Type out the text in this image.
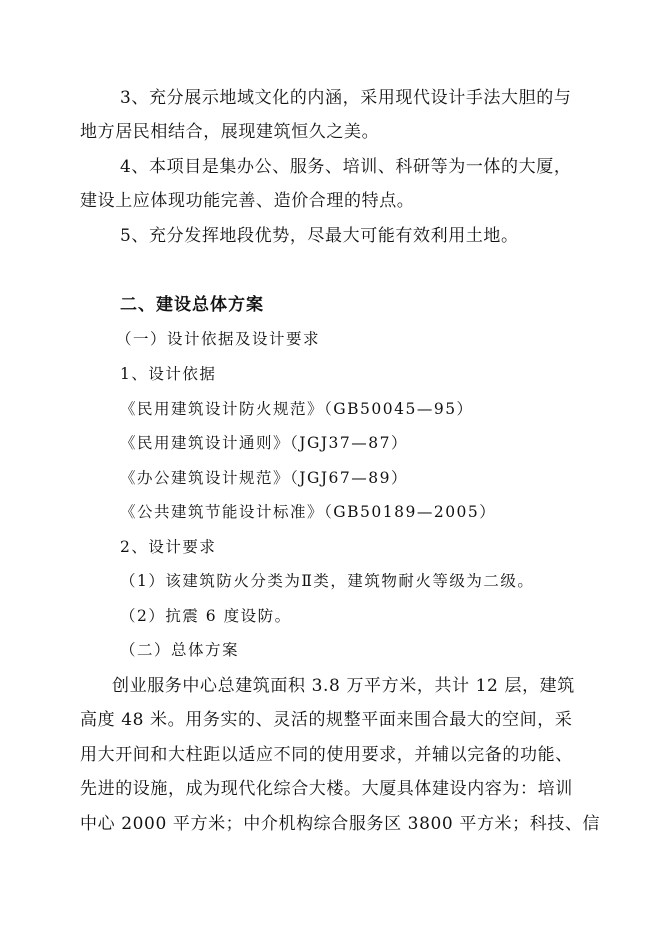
3、充分展示地域文化的内涵，采用现代设计手法大胆的与
地方居民相结合，展现建筑恒久之美。
4、本项目是集办公、服务、培训、科研等为一体的大厦，
建设上应体现功能完善、造价合理的特点。
5、充分发挥地段优势，尽最大可能有效利用土地。
二、建设总体方案
（一）设计依据及设计要求
1、设计依据
《民用建筑设计防火规范》（GB50045—95）
《民用建筑设计通则》（JGJ37—87）
《办公建筑设计规范》（JGJ67—89）
《公共建筑节能设计标准》（GB50189—2005）
2、设计要求
（1）该建筑防火分类为Ⅱ类，建筑物耐火等级为二级。
（2）抗震 6 度设防。
（二）总体方案
创业服务中心总建筑面积 3.8 万平方米，共计 12 层，建筑
高度 48 米。用务实的、灵活的规整平面来围合最大的空间，采
用大开间和大柱距以适应不同的使用要求，并辅以完备的功能、
先进的设施，成为现代化综合大楼。大厦具体建设内容为：培训
中心 2000 平方米；中介机构综合服务区 3800 平方米；科技、信
